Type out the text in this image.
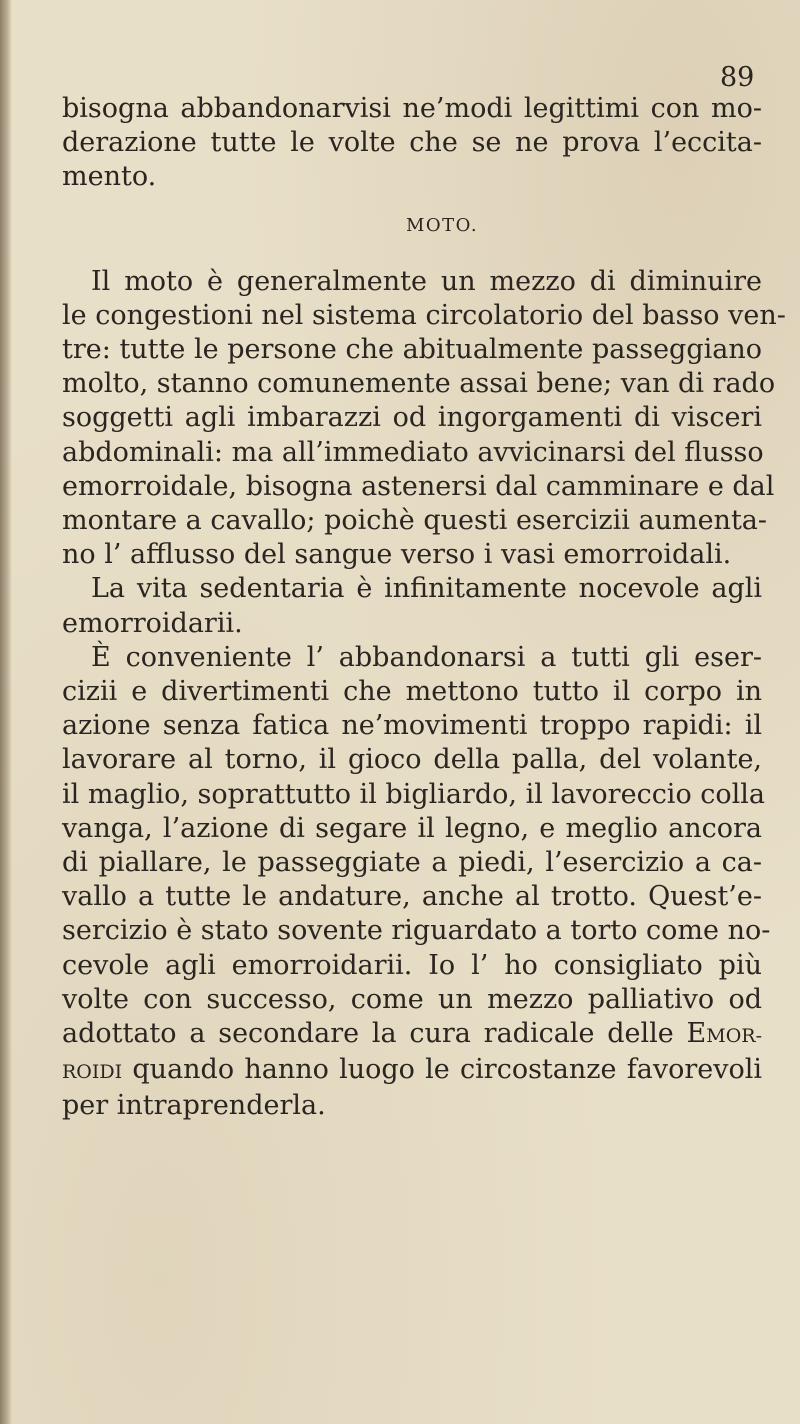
89
bisogna abbandonarvisi ne’modi legittimi con mo-
derazione tutte le volte che se ne prova l’eccita-
mento.
MOTO.
Il moto è generalmente un mezzo di diminuire
le congestioni nel sistema circolatorio del basso ven-
tre: tutte le persone che abitualmente passeggiano
molto, stanno comunemente assai bene; van di rado
soggetti agli imbarazzi od ingorgamenti di visceri
abdominali: ma all’immediato avvicinarsi del flusso
emorroidale, bisogna astenersi dal camminare e dal
montare a cavallo; poichè questi esercizii aumenta-
no l’ afflusso del sangue verso i vasi emorroidali.
La vita sedentaria è infinitamente nocevole agli
emorroidarii.
È conveniente l’ abbandonarsi a tutti gli eser-
cizii e divertimenti che mettono tutto il corpo in
azione senza fatica ne’movimenti troppo rapidi: il
lavorare al torno, il gioco della palla, del volante,
il maglio, soprattutto il bigliardo, il lavoreccio colla
vanga, l’azione di segare il legno, e meglio ancora
di piallare, le passeggiate a piedi, l’esercizio a ca-
vallo a tutte le andature, anche al trotto. Quest’e-
sercizio è stato sovente riguardato a torto come no-
cevole agli emorroidarii. Io l’ ho consigliato più
volte con successo, come un mezzo palliativo od
adottato a secondare la cura radicale delle EMOR-
ROIDI quando hanno luogo le circostanze favorevoli
per intraprenderla.
